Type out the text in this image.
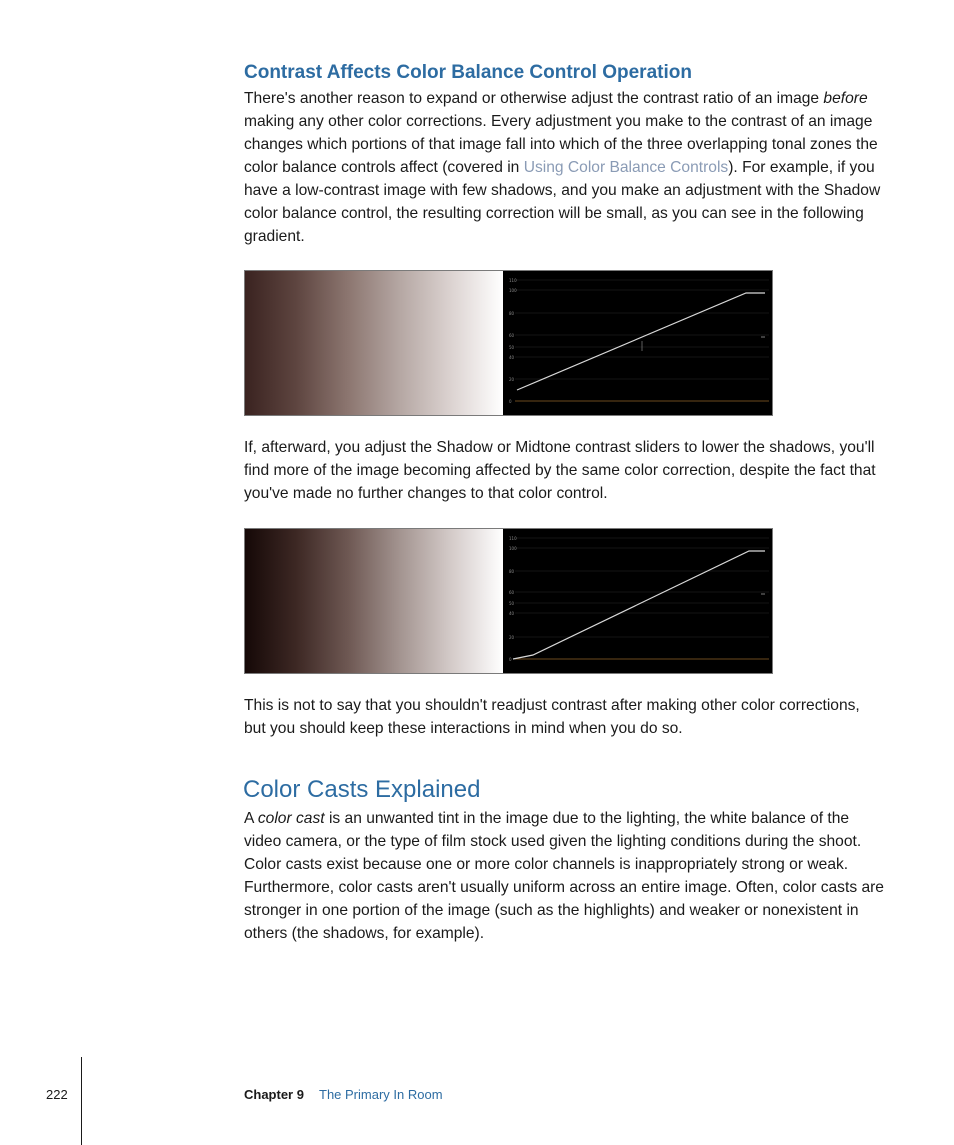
Contrast Affects Color Balance Control Operation

There's another reason to expand or otherwise adjust the contrast ratio of an image before making any other color corrections. Every adjustment you make to the contrast of an image changes which portions of that image fall into which of the three overlapping tonal zones the color balance controls affect (covered in Using Color Balance Controls). For example, if you have a low-contrast image with few shadows, and you make an adjustment with the Shadow color balance control, the resulting correction will be small, as you can see in the following gradient.

110
100
80
60
50
40
20
0

If, afterward, you adjust the Shadow or Midtone contrast sliders to lower the shadows, you'll find more of the image becoming affected by the same color correction, despite the fact that you've made no further changes to that color control.

110
100
80
60
50
40
20
0

This is not to say that you shouldn't readjust contrast after making other color corrections, but you should keep these interactions in mind when you do so.

Color Casts Explained

A color cast is an unwanted tint in the image due to the lighting, the white balance of the video camera, or the type of film stock used given the lighting conditions during the shoot. Color casts exist because one or more color channels is inappropriately strong or weak. Furthermore, color casts aren't usually uniform across an entire image. Often, color casts are stronger in one portion of the image (such as the highlights) and weaker or nonexistent in others (the shadows, for example).

222	Chapter 9 The Primary In Room
